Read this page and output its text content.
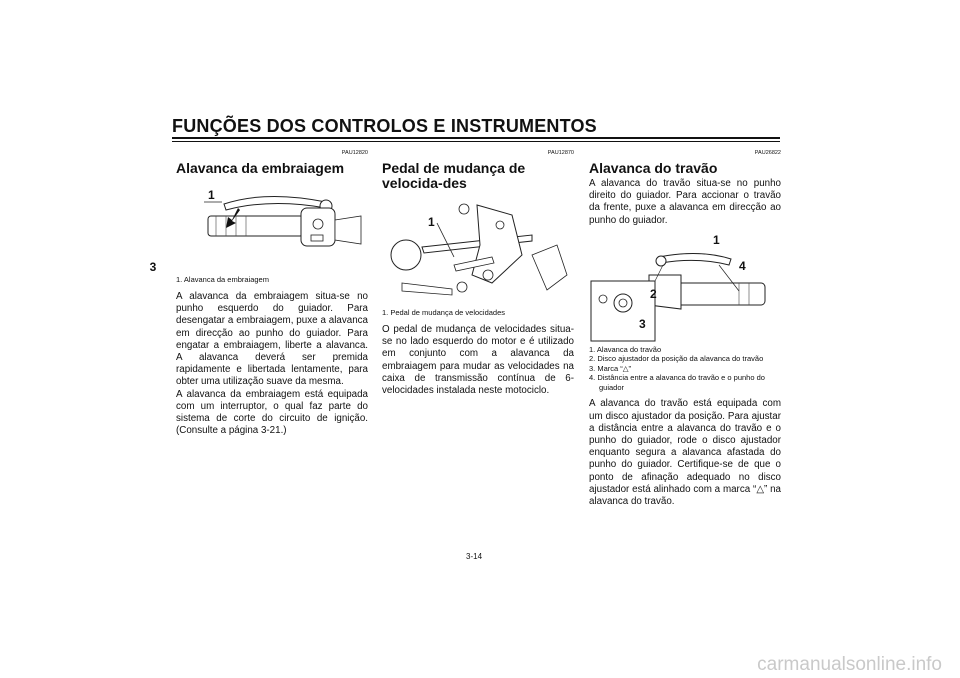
FUNÇÕES DOS CONTROLOS E INSTRUMENTOS
3
PAU12820
Alavanca da embraiagem
1
1. Alavanca da embraiagem

A alavanca da embraiagem situa-se no punho esquerdo do guiador. Para desengatar a embraiagem, puxe a alavanca em direcção ao punho do guiador. Para engatar a embraiagem, liberte a alavanca. A alavanca deverá ser premida rapidamente e libertada lentamente, para obter uma utilização suave da mesma.

A alavanca da embraiagem está equipada com um interruptor, o qual faz parte do sistema de corte do circuito de ignição. (Consulte a página 3-21.)

PAU12870
Pedal de mudança de velocida-des
1
1. Pedal de mudança de velocidades

O pedal de mudança de velocidades situa-se no lado esquerdo do motor e é utilizado em conjunto com a alavanca da embraiagem para mudar as velocidades na caixa de transmissão contínua de 6-velocidades instalada neste motociclo.

PAU26822
Alavanca do travão

A alavanca do travão situa-se no punho direito do guiador. Para accionar o travão da frente, puxe a alavanca em direcção ao punho do guiador.

1
2
3
4
1. Alavanca do travão
2. Disco ajustador da posição da alavanca do travão
3. Marca “△”
4. Distância entre a alavanca do travão e o punho do guiador

A alavanca do travão está equipada com um disco ajustador da posição. Para ajustar a distância entre a alavanca do travão e o punho do guiador, rode o disco ajustador enquanto segura a alavanca afastada do punho do guiador. Certifique-se de que o ponto de afinação adequado no disco ajustador está alinhado com a marca “△” na alavanca do travão.

3-14
carmanualsonline.info
